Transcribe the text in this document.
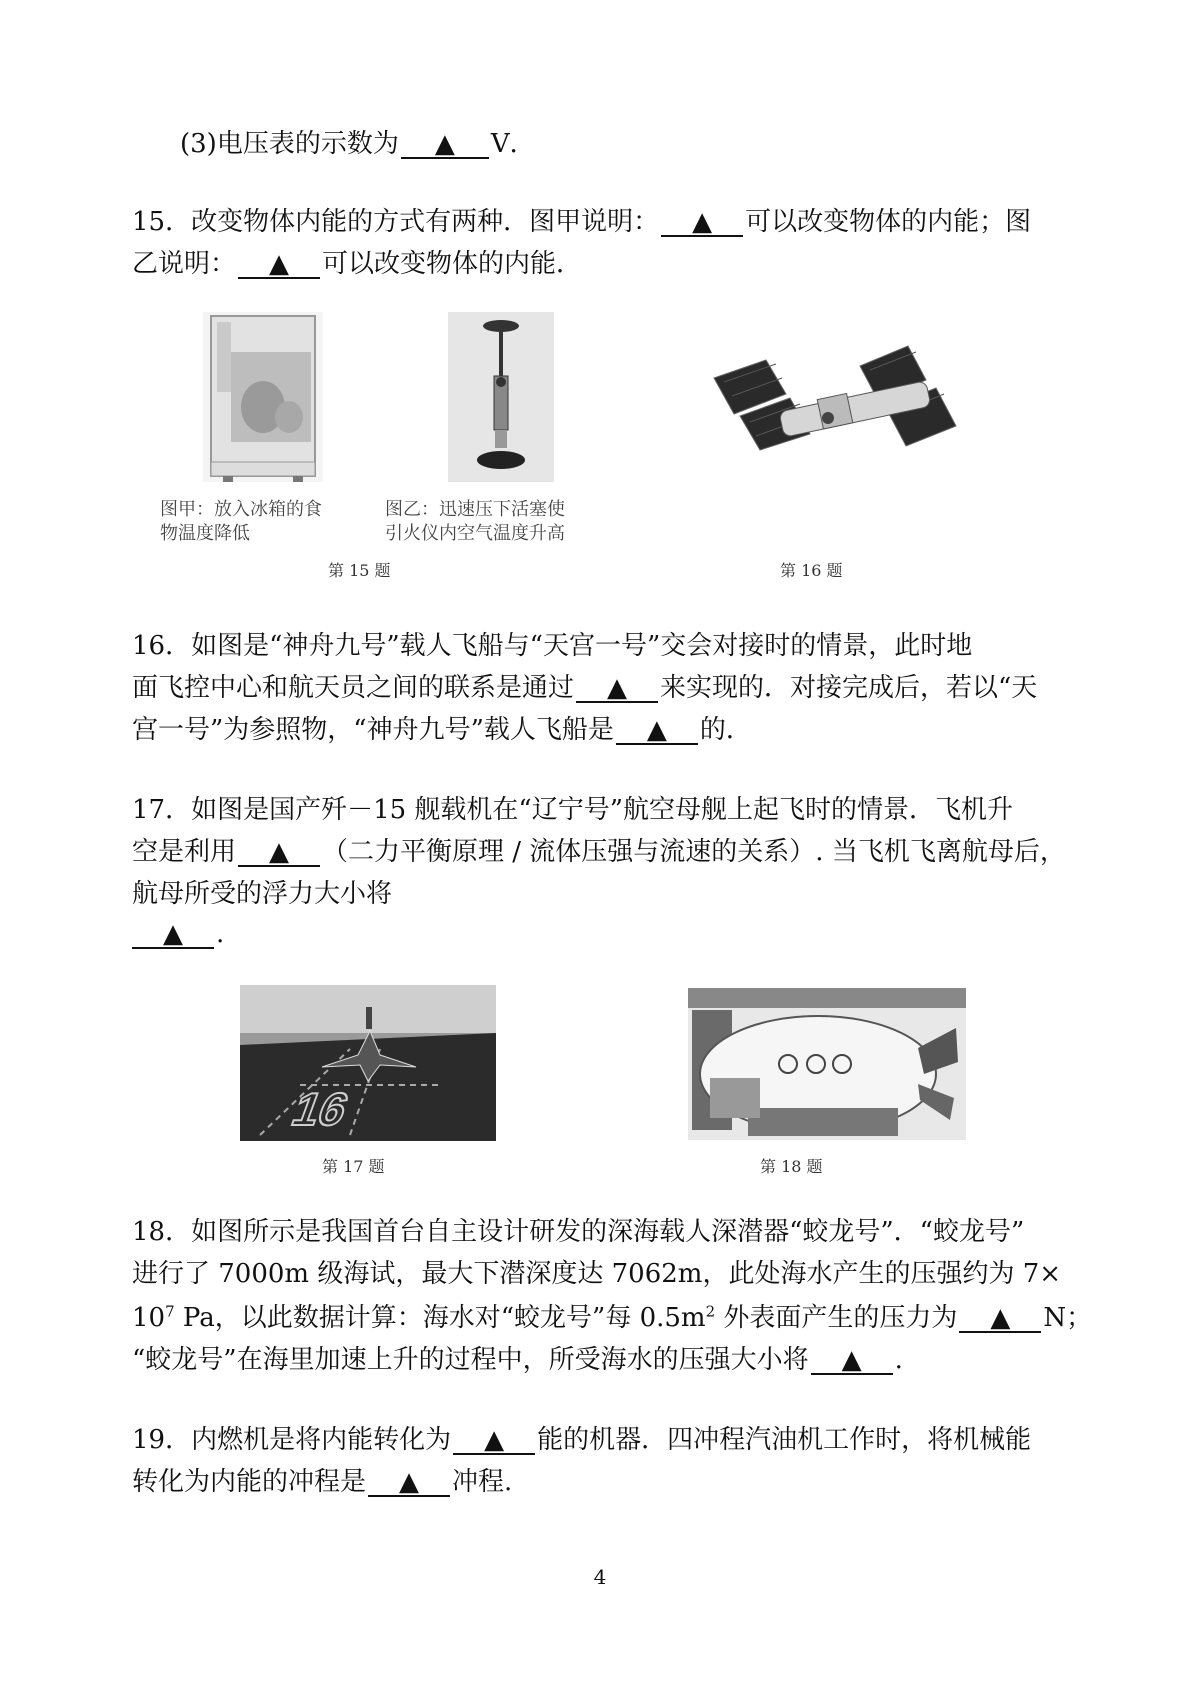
(3)电压表的示数为 ▲ V．
15．改变物体内能的方式有两种．图甲说明： ▲ 可以改变物体的内能；图
乙说明： ▲ 可以改变物体的内能．
图甲：放入冰箱的食
物温度降低
图乙：迅速压下活塞使
引火仪内空气温度升高
第 15 题	第 16 题
16．如图是“神舟九号”载人飞船与“天宫一号”交会对接时的情景，此时地
面飞控中心和航天员之间的联系是通过 ▲ 来实现的．对接完成后，若以“天
宫一号”为参照物，“神舟九号”载人飞船是 ▲ 的．
17．如图是国产歼－15 舰载机在“辽宁号”航空母舰上起飞时的情景．飞机升
空是利用 ▲ （二力平衡原理 / 流体压强与流速的关系）. 当飞机飞离航母后，
航母所受的浮力大小将
▲ .
16
第 17 题	第 18 题
18．如图所示是我国首台自主设计研发的深海载人深潜器“蛟龙号”．“蛟龙号”
进行了 7000m 级海试，最大下潜深度达 7062m，此处海水产生的压强约为 7×
$10^7$ Pa，以此数据计算：海水对“蛟龙号”每 $0.5m^2$ 外表面产生的压力为 ▲ N；
“蛟龙号”在海里加速上升的过程中，所受海水的压强大小将 ▲ .
19．内燃机是将内能转化为 ▲ 能的机器．四冲程汽油机工作时，将机械能
转化为内能的冲程是 ▲ 冲程.
4
